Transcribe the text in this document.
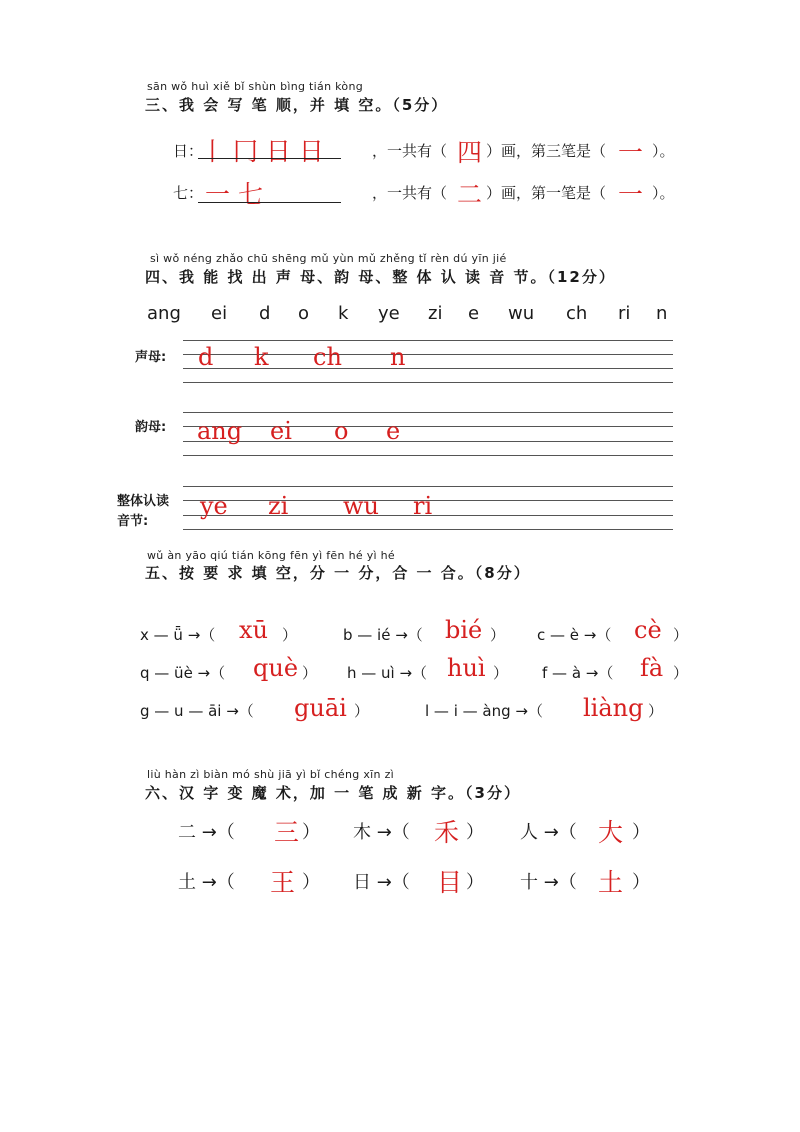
sān wǒ huì xiě bǐ shùn bìng tián kòng
三、我 会 写 笔 顺，并 填 空。（5分）
日：
丨 冂 日 日	，一共有（ 四 ）画，第三笔是（ 一 ）。
七： 一 七	，一共有（ 二 ）画，第一笔是（ 一 ）。
sì wǒ néng zhǎo chū shēng mǔ yùn mǔ zhěng tǐ rèn dú yīn jié
四、我 能 找 出 声 母、韵 母、整 体 认 读 音 节。（12分）
ang ei d o k ye zi e wu ch ri n
声母: d k ch n
韵母: ang ei o e
整体认读
音节:
ye zi wu ri
wǔ àn yāo qiú tián kōng fēn yì fēn hé yì hé
五、按 要 求 填 空，分 一 分，合 一 合。（8分）
x — ǖ →（ xū ）	b — ié →（ bié ） c — è →（ cè ）
q — üè →（ què ） h — uì →（ huì ） f — à →（ fà ）
g — u — āi →（ guāi ）	l — i — àng →（ liàng ）
liù hàn zì biàn mó shù jiā yì bǐ chéng xīn zì
六、汉 字 变 魔 术，加 一 笔 成 新 字。（3分）
二 →（ 三 ） 木 →（ 禾 ） 人 →（ 大 ）
土 →（ 王 ） 日 →（ 目 ） 十 →（ 土 ）
